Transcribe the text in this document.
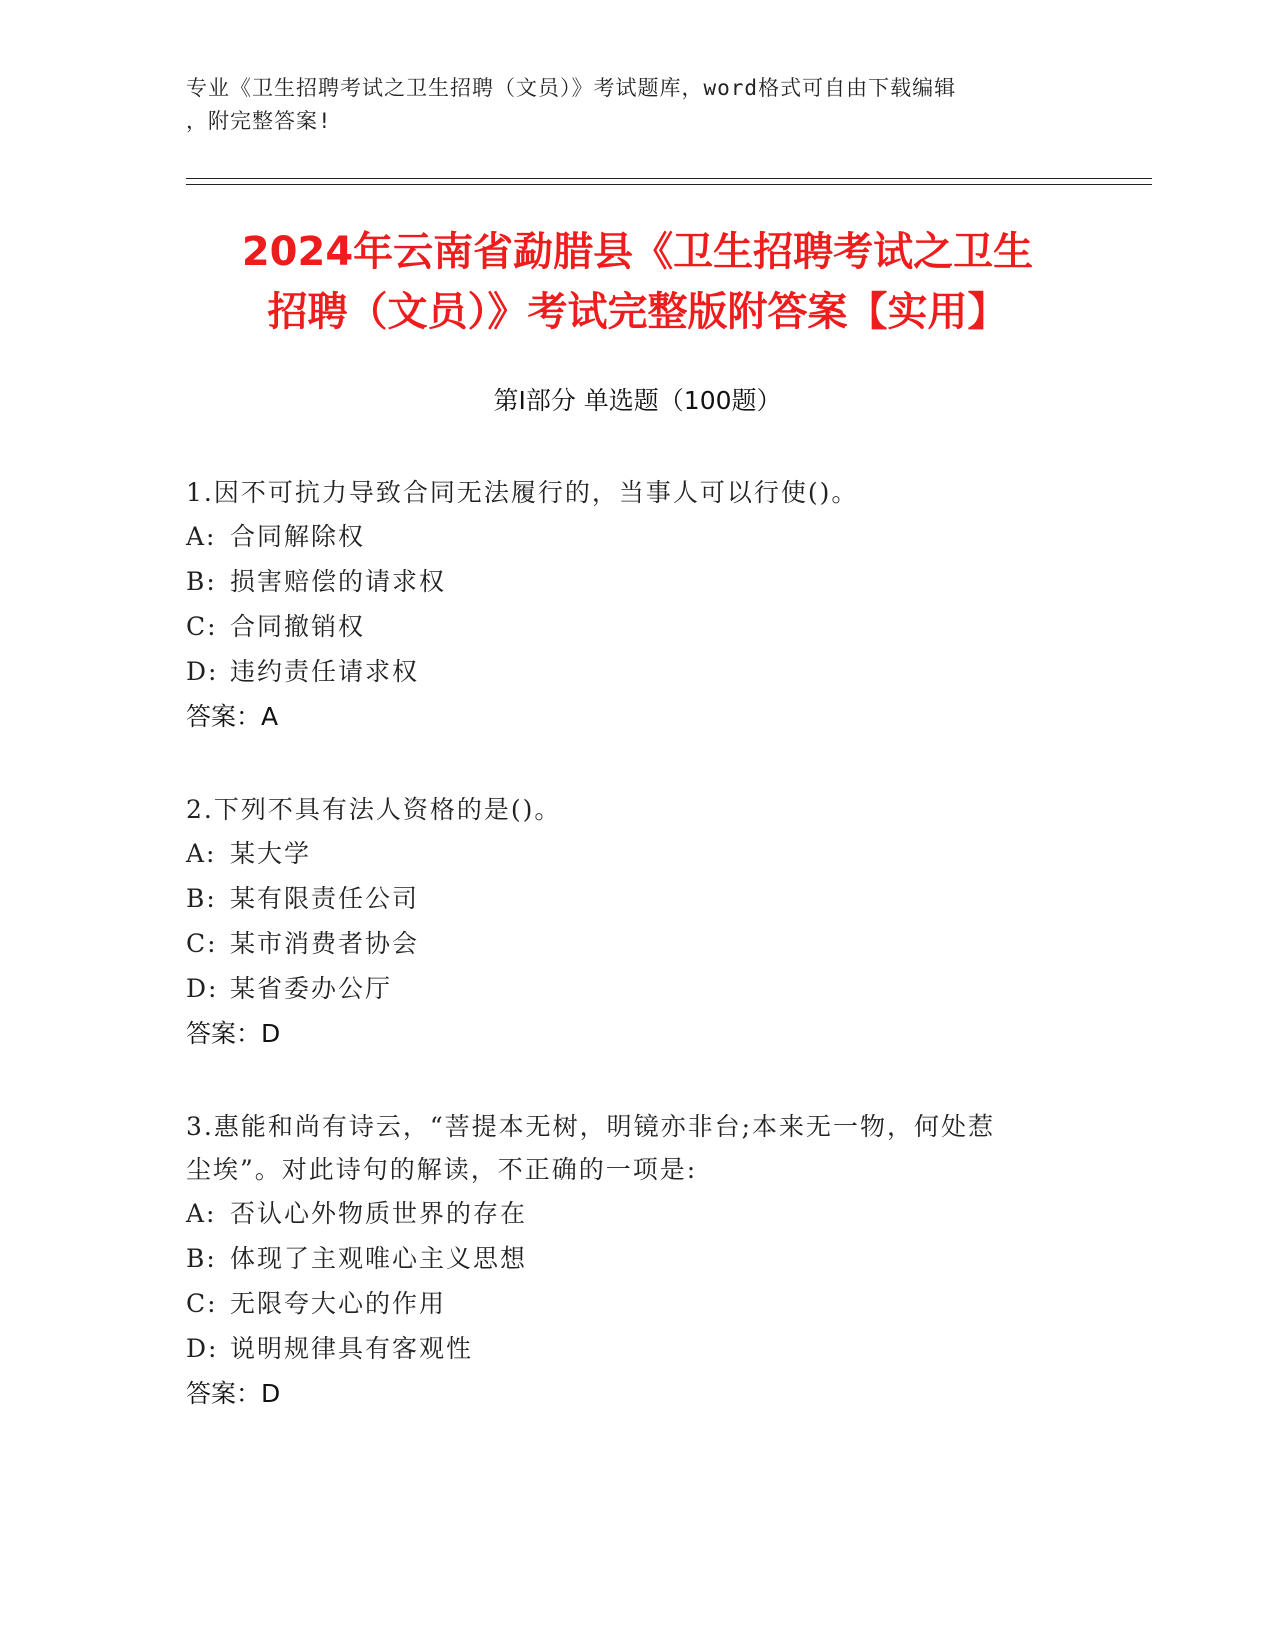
专业《卫生招聘考试之卫生招聘（文员）》考试题库，word格式可自由下载编辑
，附完整答案!
2024年云南省勐腊县《卫生招聘考试之卫生
招聘（文员）》考试完整版附答案【实用】
第Ⅰ部分 单选题（100题）
1.因不可抗力导致合同无法履行的，当事人可以行使()。
A: 合同解除权
B: 损害赔偿的请求权
C: 合同撤销权
D: 违约责任请求权
答案：A
2.下列不具有法人资格的是()。
A: 某大学
B: 某有限责任公司
C: 某市消费者协会
D: 某省委办公厅
答案：D
3.惠能和尚有诗云，“菩提本无树，明镜亦非台;本来无一物，何处惹
尘埃”。对此诗句的解读，不正确的一项是:
A: 否认心外物质世界的存在
B: 体现了主观唯心主义思想
C: 无限夸大心的作用
D: 说明规律具有客观性
答案：D
